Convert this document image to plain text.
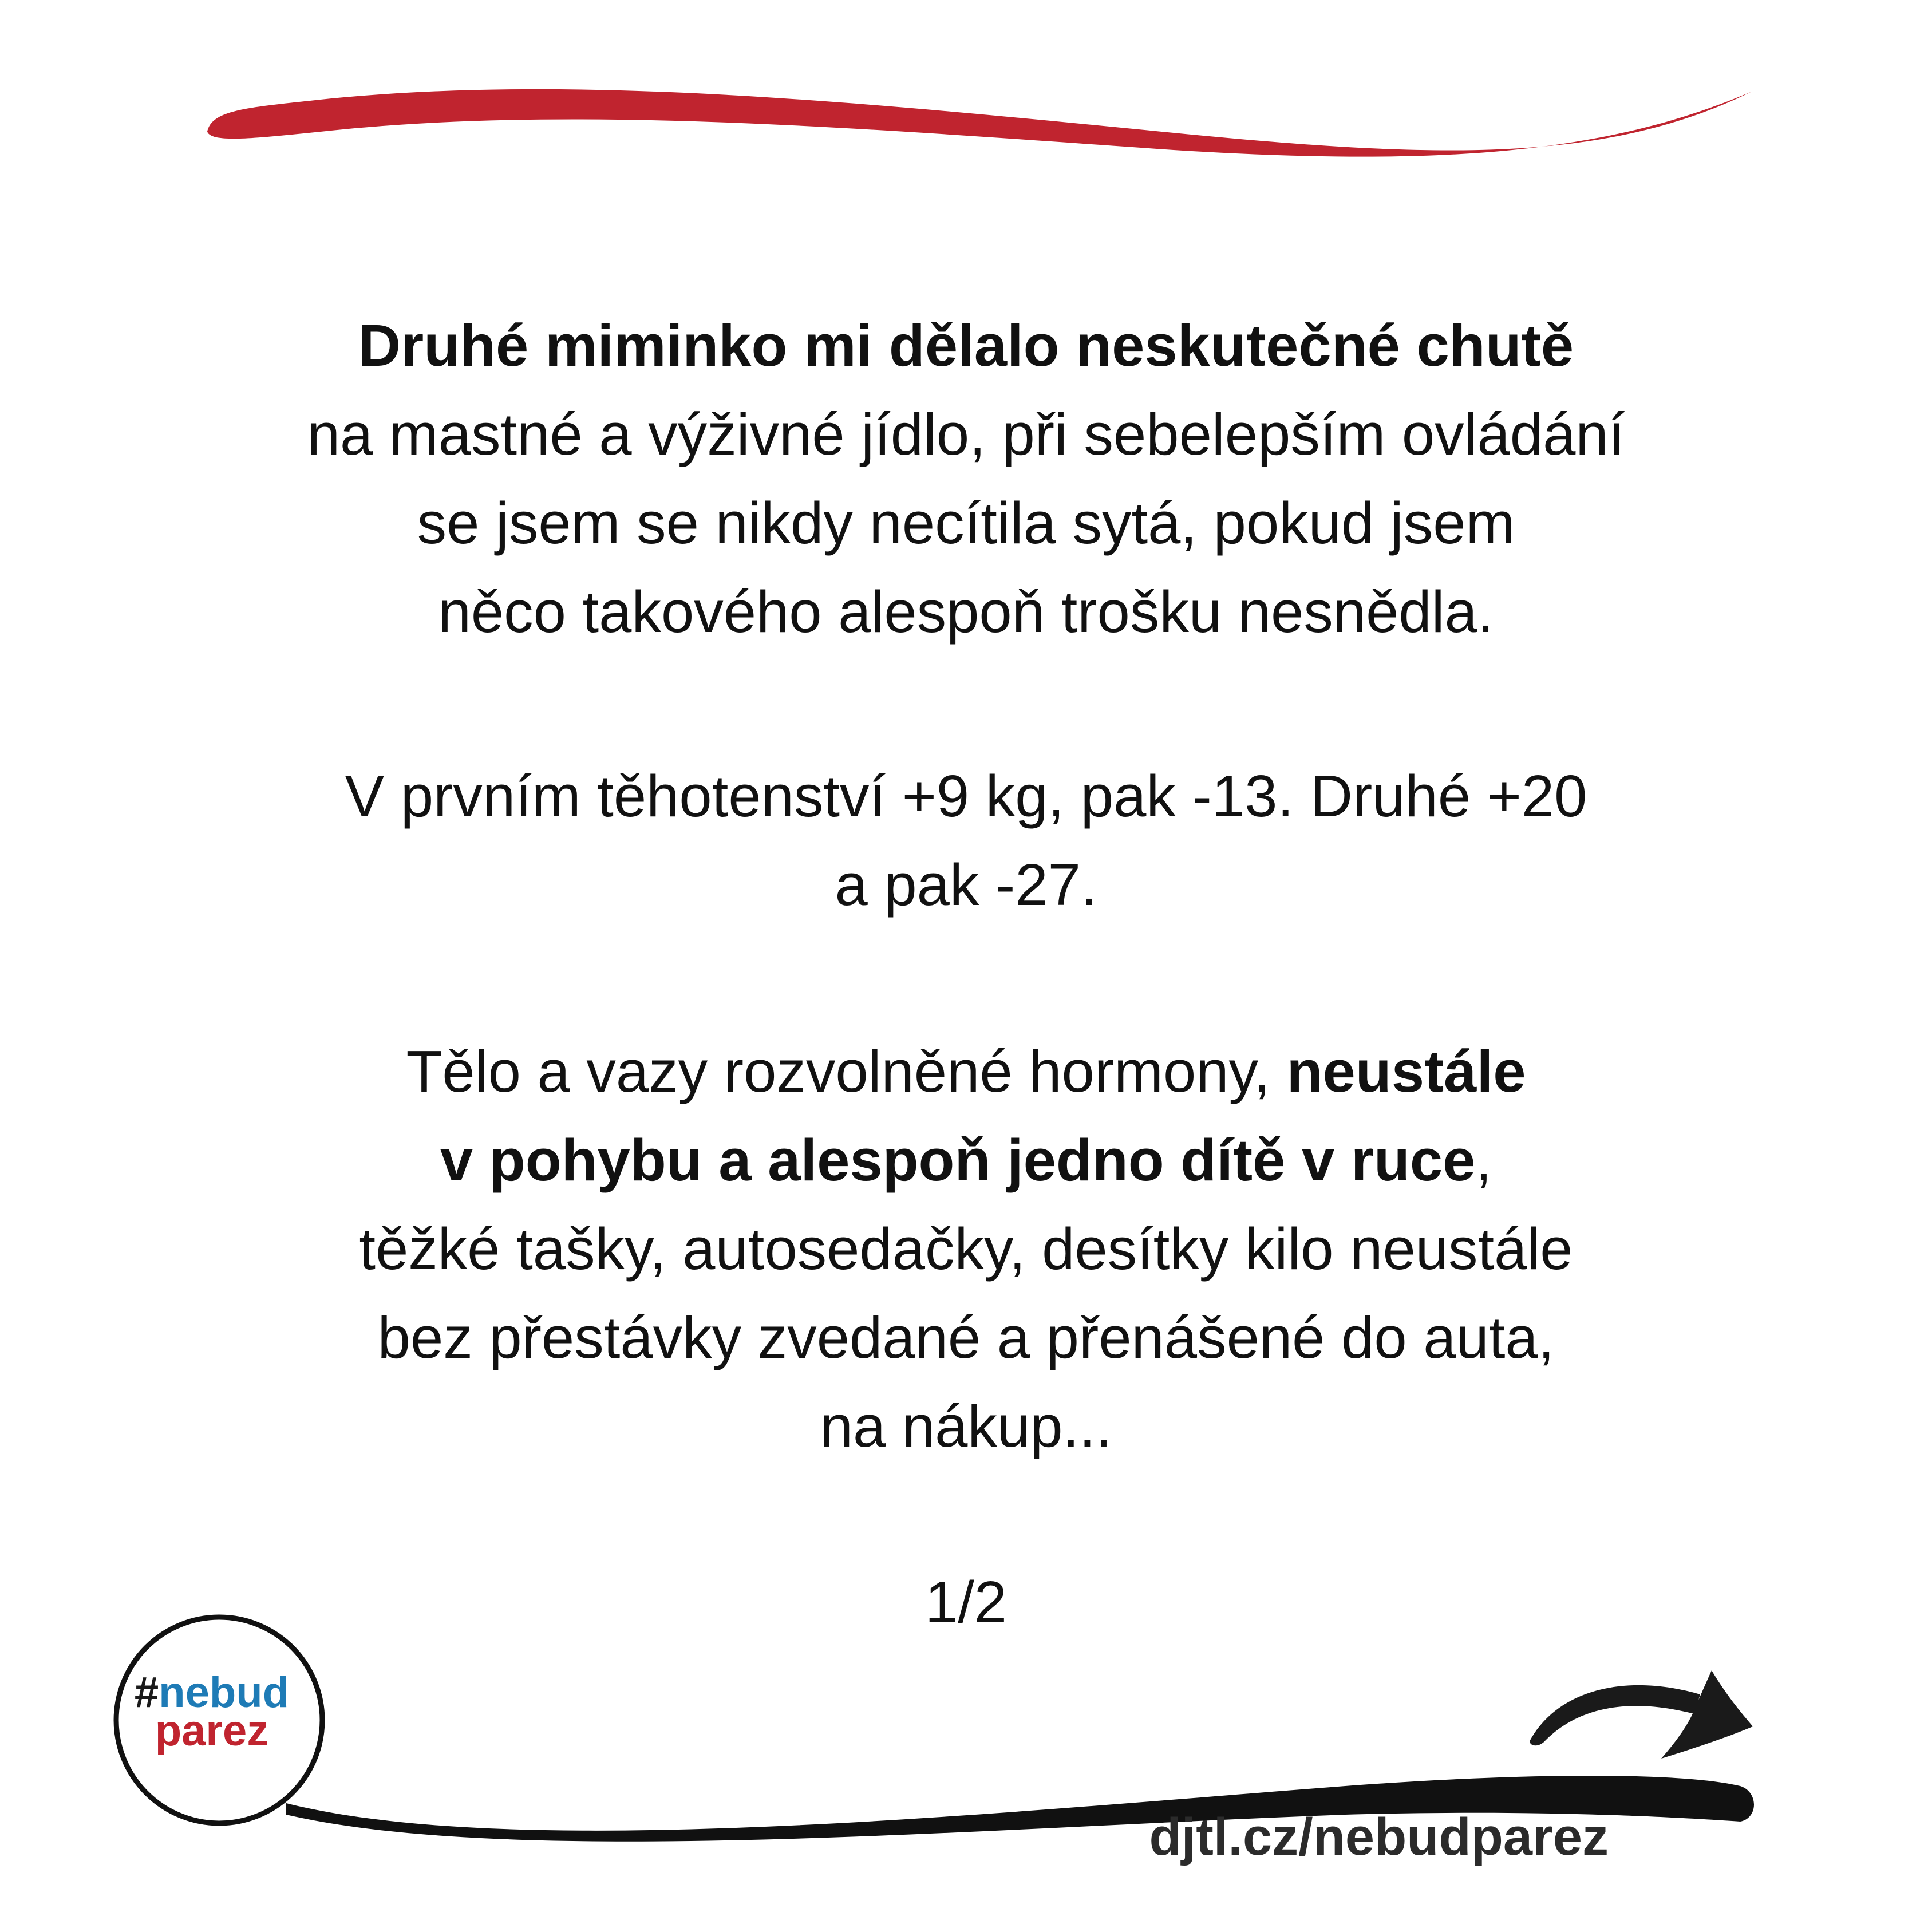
Druhé miminko mi dělalo neskutečné chutě
na mastné a výživné jídlo, při sebelepším ovládání
se jsem se nikdy necítila sytá, pokud jsem
něco takového alespoň trošku nesnědla.
V prvním těhotenství +9 kg, pak -13. Druhé +20
a pak -27.
Tělo a vazy rozvolněné hormony, neustále
v pohybu a alespoň jedno dítě v ruce,
těžké tašky, autosedačky, desítky kilo neustále
bez přestávky zvedané a přenášené do auta,
na nákup...
1/2
#nebud
parez
djtl.cz/nebudparez
